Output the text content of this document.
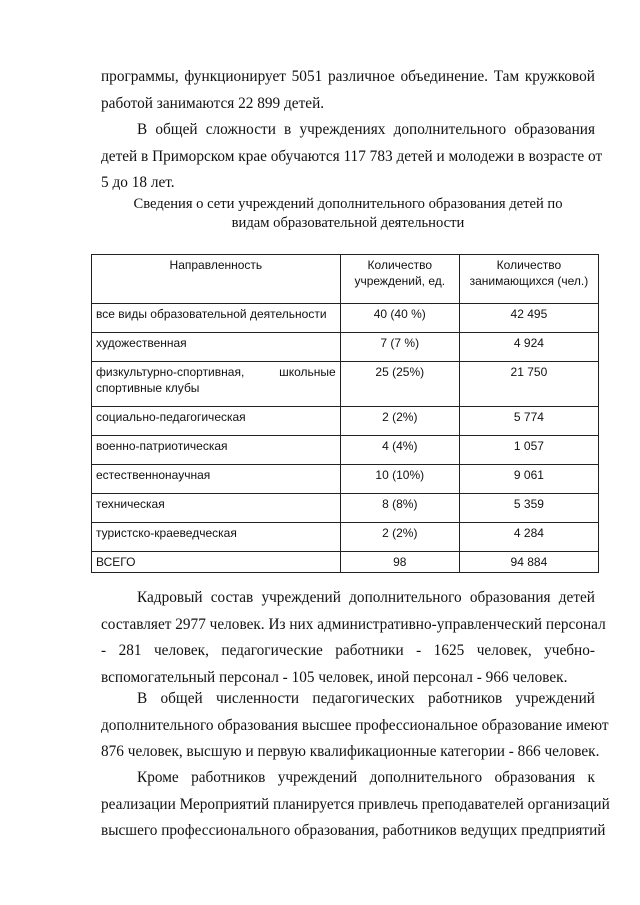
программы, функционирует 5051 различное объединение. Там кружковой
работой занимаются 22 899 детей.

В общей сложности в учреждениях дополнительного образования
детей в Приморском крае обучаются 117 783 детей и молодежи в возрасте от
5 до 18 лет.

Сведения о сети учреждений дополнительного образования детей по
видам образовательной деятельности
Направленность	Количество учреждений, ед.	Количество занимающихся (чел.)
все виды образовательной деятельности	40 (40 %)	42 495
художественная	7 (7 %)	4 924

физкультурно-спортивная, школьные
спортивные клубы	25 (25%)	21 750
социально-педагогическая	2 (2%)	5 774
военно-патриотическая	4 (4%)	1 057
естественнонаучная	10 (10%)	9 061
техническая	8 (8%)	5 359
туристско-краеведческая	2 (2%)	4 284
ВСЕГО	98	94 884

Кадровый состав учреждений дополнительного образования детей
составляет 2977 человек. Из них административно-управленческий персонал
- 281 человек, педагогические работники - 1625 человек, учебно-
вспомогательный персонал - 105 человек, иной персонал - 966 человек.

В общей численности педагогических работников учреждений
дополнительного образования высшее профессиональное образование имеют
876 человек, высшую и первую квалификационные категории - 866 человек.

Кроме работников учреждений дополнительного образования к
реализации Мероприятий планируется привлечь преподавателей организаций
высшего профессионального образования, работников ведущих предприятий
